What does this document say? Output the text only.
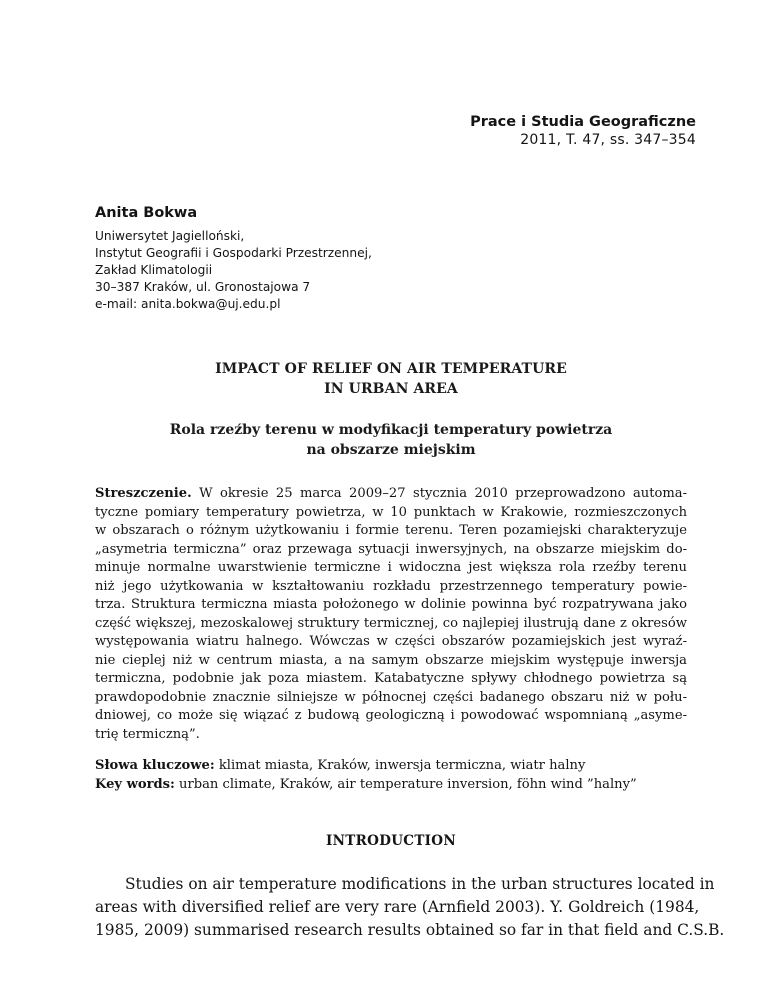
Prace i Studia Geograficzne
2011, T. 47, ss. 347–354
Anita Bokwa
Uniwersytet Jagielloński,
Instytut Geografii i Gospodarki Przestrzennej,
Zakład Klimatologii
30–387 Kraków, ul. Gronostajowa 7
e-mail: anita.bokwa@uj.edu.pl
IMPACT OF RELIEF ON AIR TEMPERATURE
IN URBAN AREA
Rola rzeźby terenu w modyfikacji temperatury powietrza
na obszarze miejskim
Streszczenie. W okresie 25 marca 2009–27 stycznia 2010 przeprowadzono automa-
tyczne pomiary temperatury powietrza, w 10 punktach w Krakowie, rozmieszczonych
w obszarach o różnym użytkowaniu i formie terenu. Teren pozamiejski charakteryzuje
„asymetria termiczna” oraz przewaga sytuacji inwersyjnych, na obszarze miejskim do-
minuje normalne uwarstwienie termiczne i widoczna jest większa rola rzeźby terenu
niż jego użytkowania w kształtowaniu rozkładu przestrzennego temperatury powie-
trza. Struktura termiczna miasta położonego w dolinie powinna być rozpatrywana jako
część większej, mezoskalowej struktury termicznej, co najlepiej ilustrują dane z okresów
występowania wiatru halnego. Wówczas w części obszarów pozamiejskich jest wyraź-
nie cieplej niż w centrum miasta, a na samym obszarze miejskim występuje inwersja
termiczna, podobnie jak poza miastem. Katabatyczne spływy chłodnego powietrza są
prawdopodobnie znacznie silniejsze w północnej części badanego obszaru niż w połu-
dniowej, co może się wiązać z budową geologiczną i powodować wspomnianą „asyme-
trię termiczną”.
Słowa kluczowe: klimat miasta, Kraków, inwersja termiczna, wiatr halny
Key words: urban climate, Kraków, air temperature inversion, föhn wind ”halny”
INTRODUCTION
Studies on air temperature modifications in the urban structures located in
areas with diversified relief are very rare (Arnfield 2003). Y. Goldreich (1984,
1985, 2009) summarised research results obtained so far in that field and C.S.B.
